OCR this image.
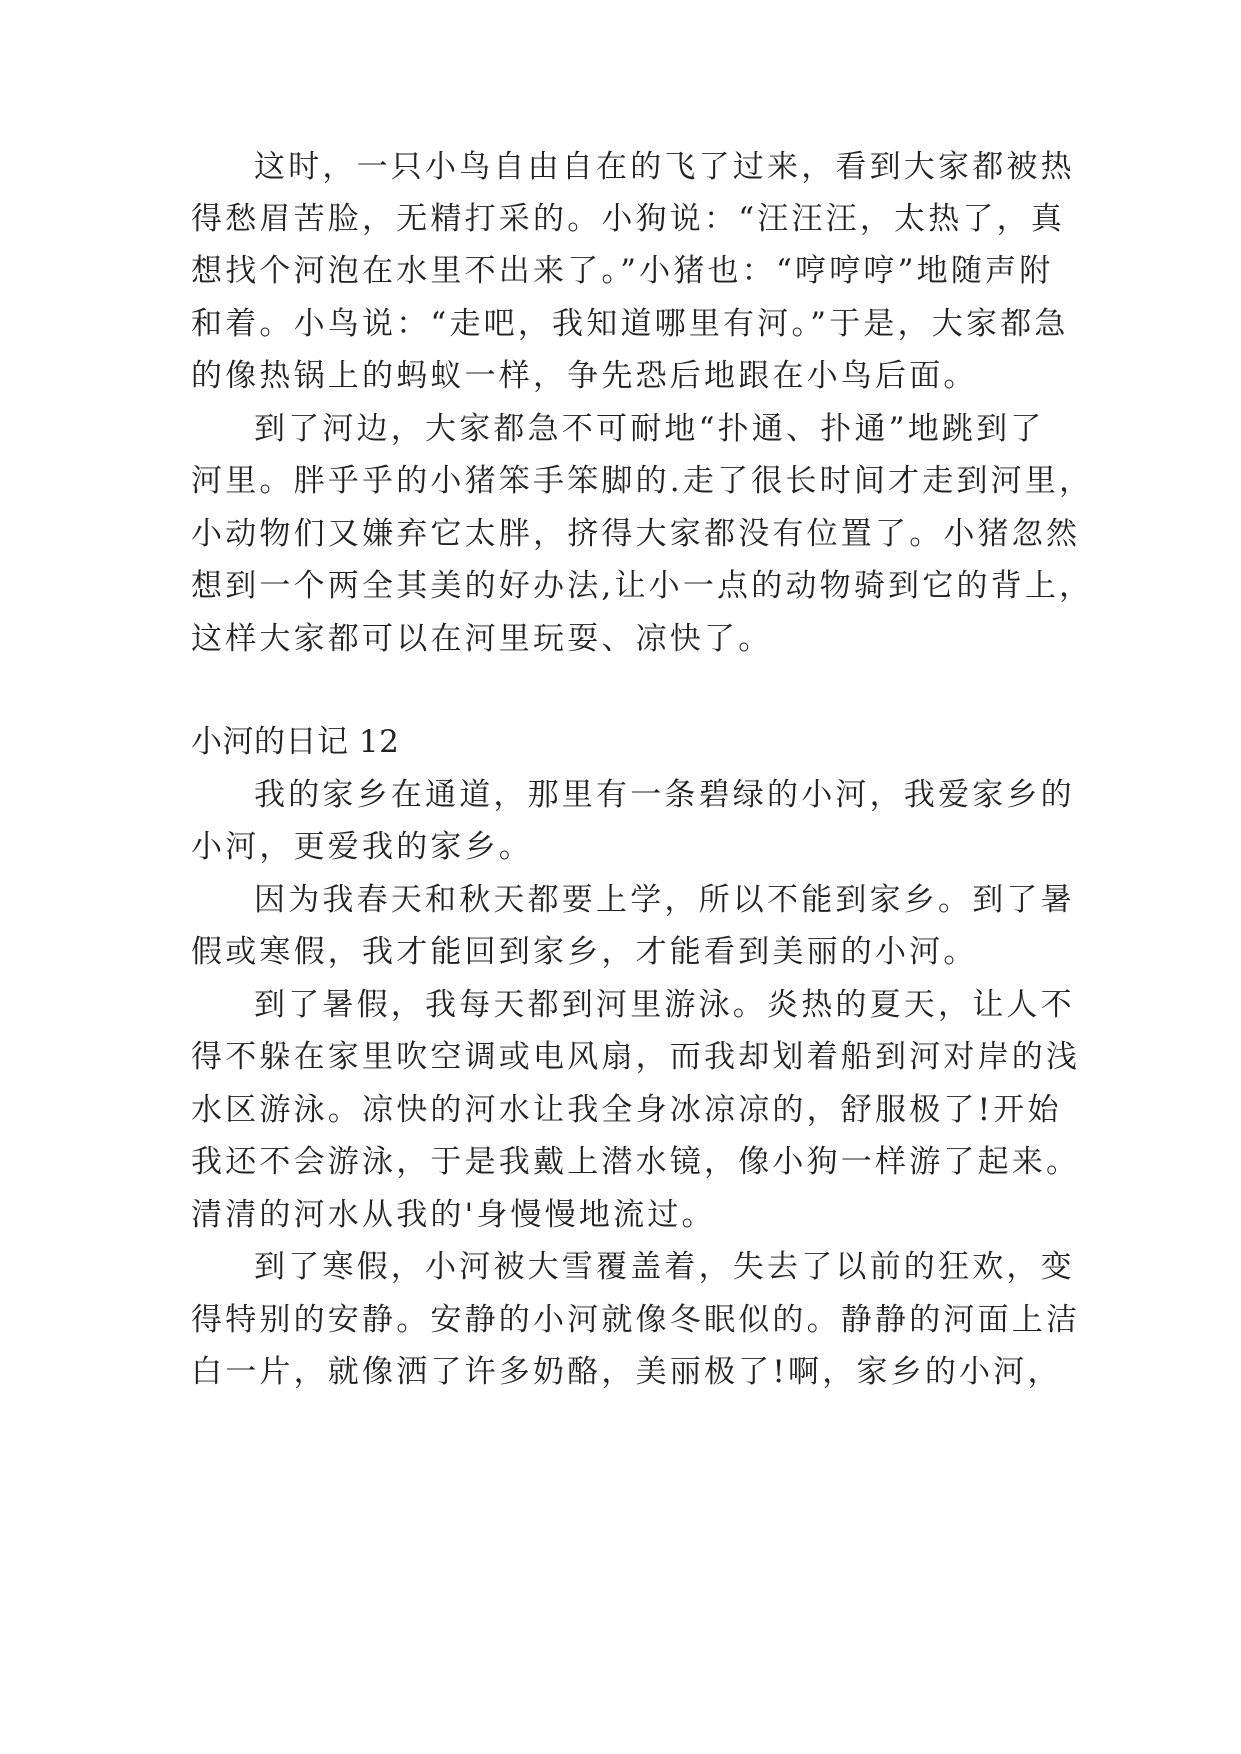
这时，一只小鸟自由自在的飞了过来，看到大家都被热
得愁眉苦脸，无精打采的。小狗说：“汪汪汪，太热了，真
想找个河泡在水里不出来了。”小猪也：“哼哼哼”地随声附
和着。小鸟说：“走吧，我知道哪里有河。”于是，大家都急
的像热锅上的蚂蚁一样，争先恐后地跟在小鸟后面。
到了河边，大家都急不可耐地“扑通、扑通”地跳到了
河里。胖乎乎的小猪笨手笨脚的.走了很长时间才走到河里，
小动物们又嫌弃它太胖，挤得大家都没有位置了。小猪忽然
想到一个两全其美的好办法,让小一点的动物骑到它的背上，
这样大家都可以在河里玩耍、凉快了。
小河的日记 12
我的家乡在通道，那里有一条碧绿的小河，我爱家乡的
小河，更爱我的家乡。
因为我春天和秋天都要上学，所以不能到家乡。到了暑
假或寒假，我才能回到家乡，才能看到美丽的小河。
到了暑假，我每天都到河里游泳。炎热的夏天，让人不
得不躲在家里吹空调或电风扇，而我却划着船到河对岸的浅
水区游泳。凉快的河水让我全身冰凉凉的，舒服极了!开始
我还不会游泳，于是我戴上潜水镜，像小狗一样游了起来。
清清的河水从我的'身慢慢地流过。
到了寒假，小河被大雪覆盖着，失去了以前的狂欢，变
得特别的安静。安静的小河就像冬眠似的。静静的河面上洁
白一片，就像洒了许多奶酪，美丽极了!啊，家乡的小河，
